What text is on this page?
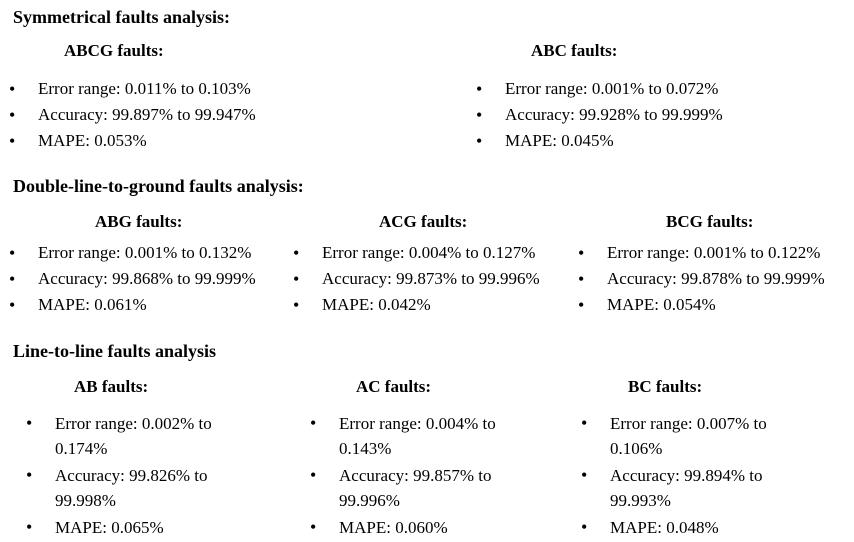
Symmetrical faults analysis:
ABCG faults:
• Error range: 0.011% to 0.103%
• Accuracy: 99.897% to 99.947%
• MAPE: 0.053%
ABC faults:
• Error range: 0.001% to 0.072%
• Accuracy: 99.928% to 99.999%
• MAPE: 0.045%
Double-line-to-ground faults analysis:
ABG faults:
• Error range: 0.001% to 0.132%
• Accuracy: 99.868% to 99.999%
• MAPE: 0.061%
ACG faults:
• Error range: 0.004% to 0.127%
• Accuracy: 99.873% to 99.996%
• MAPE: 0.042%
BCG faults:
• Error range: 0.001% to 0.122%
• Accuracy: 99.878% to 99.999%
• MAPE: 0.054%
Line-to-line faults analysis
AB faults:
• Error range: 0.002% to 0.174%
• Accuracy: 99.826% to 99.998%
• MAPE: 0.065%
AC faults:
• Error range: 0.004% to 0.143%
• Accuracy: 99.857% to 99.996%
• MAPE: 0.060%
BC faults:
• Error range: 0.007% to 0.106%
• Accuracy: 99.894% to 99.993%
• MAPE: 0.048%
